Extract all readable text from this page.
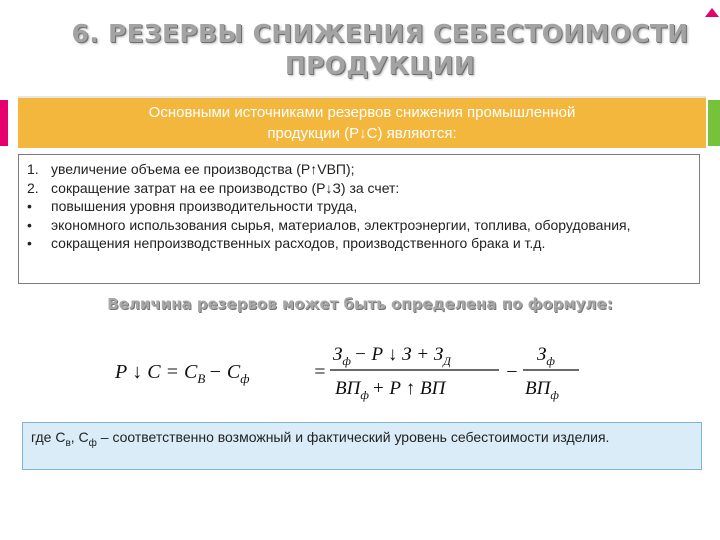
6. РЕЗЕРВЫ СНИЖЕНИЯ СЕБЕСТОИМОСТИ
ПРОДУКЦИИ
Основными источниками резервов снижения промышленной
продукции (Р↓С) являются:
1. увеличение объема ее производства (Р↑VВП);
2. сокращение затрат на ее производство (Р↓З) за счет:
•	повышения уровня производительности труда,
•	экономного использования сырья, материалов, электроэнергии, топлива, оборудования,
•	сокращения непроизводственных расходов, производственного брака и т.д.
Величина резервов может быть определена по формуле:
Р ↓ $С = С_В - С_ф$	=
$З_ф - Р$ ↓ $З + З_Д$
$ВП_ф + Р$ ↑ ВП
−
$З_ф$
$ВП_ф$
где $С_в$, $С_ф$ – соответственно возможный и фактический уровень себестоимости изделия.
